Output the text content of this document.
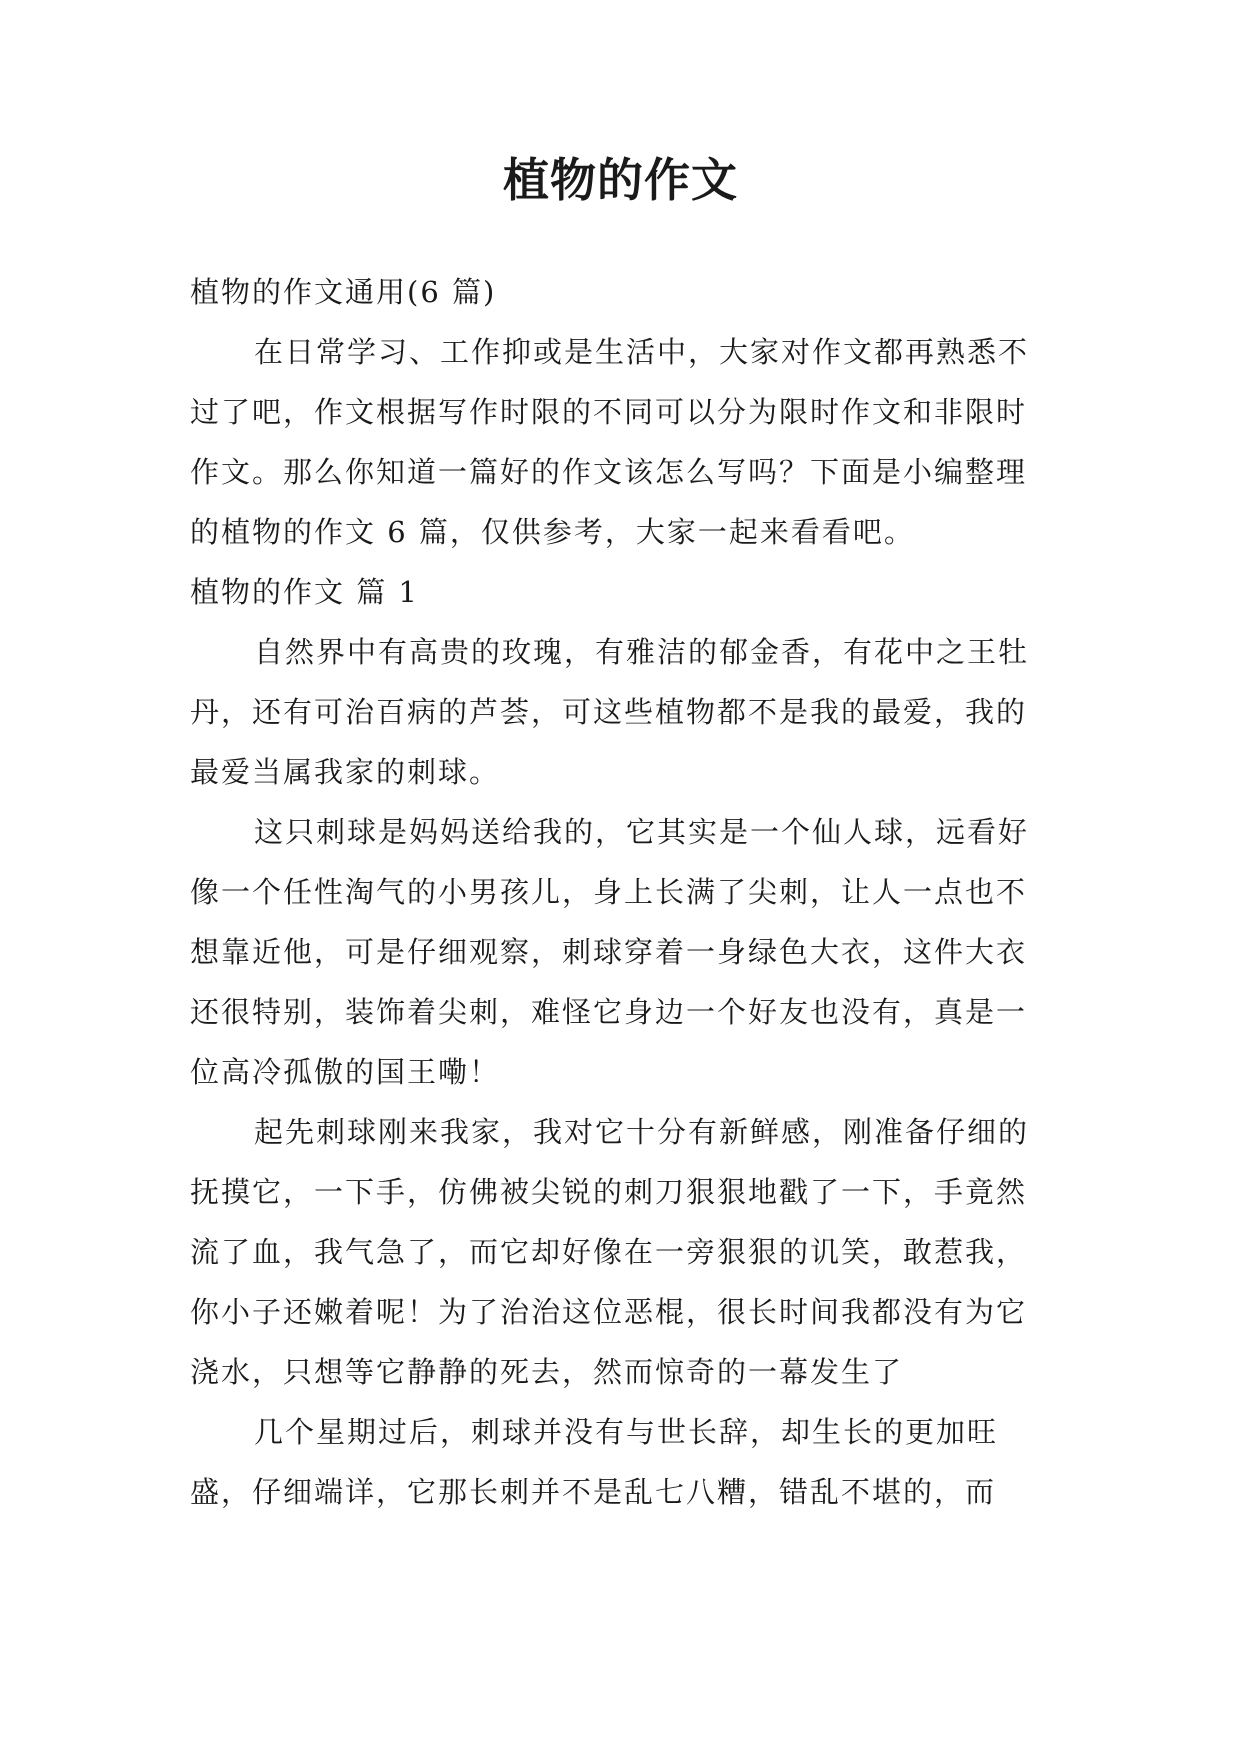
植物的作文

植物的作文通用(6 篇)

在日常学习、工作抑或是生活中，大家对作文都再熟悉不过了吧，作文根据写作时限的不同可以分为限时作文和非限时作文。那么你知道一篇好的作文该怎么写吗？下面是小编整理的植物的作文 6 篇，仅供参考，大家一起来看看吧。

植物的作文 篇 1

自然界中有高贵的玫瑰，有雅洁的郁金香，有花中之王牡丹，还有可治百病的芦荟，可这些植物都不是我的最爱，我的最爱当属我家的刺球。

这只刺球是妈妈送给我的，它其实是一个仙人球，远看好像一个任性淘气的小男孩儿，身上长满了尖刺，让人一点也不想靠近他，可是仔细观察，刺球穿着一身绿色大衣，这件大衣还很特别，装饰着尖刺，难怪它身边一个好友也没有，真是一位高冷孤傲的国王嘞！

起先刺球刚来我家，我对它十分有新鲜感，刚准备仔细的抚摸它，一下手，仿佛被尖锐的刺刀狠狠地戳了一下，手竟然流了血，我气急了，而它却好像在一旁狠狠的讥笑，敢惹我，你小子还嫩着呢！为了治治这位恶棍，很长时间我都没有为它浇水，只想等它静静的死去，然而惊奇的一幕发生了

几个星期过后，刺球并没有与世长辞，却生长的更加旺盛，仔细端详，它那长刺并不是乱七八糟，错乱不堪的，而
